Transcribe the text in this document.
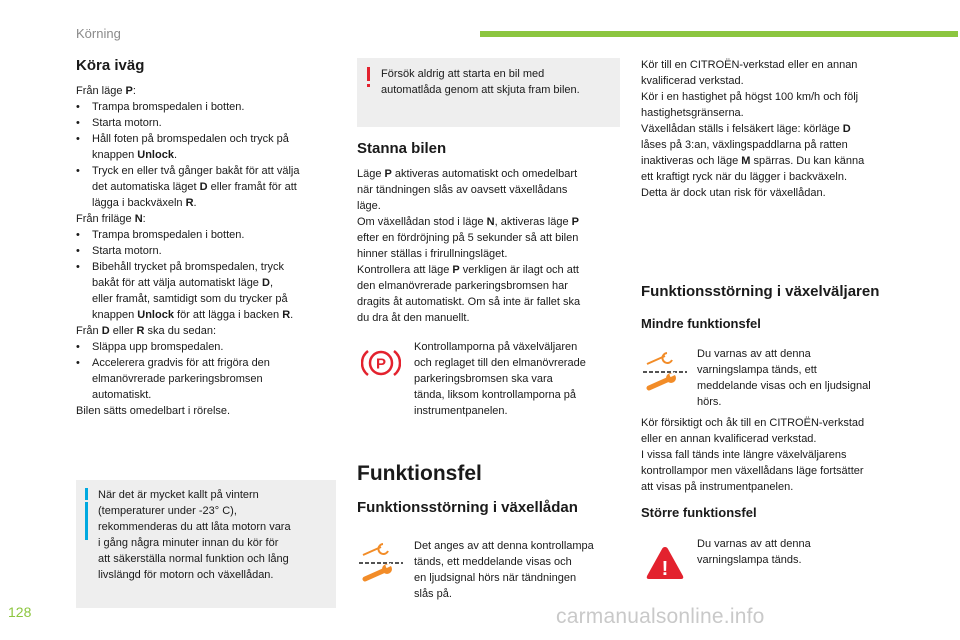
Körning
Köra iväg
Från läge P:
• Trampa bromspedalen i botten.
• Starta motorn.
• Håll foten på bromspedalen och tryck på
knappen Unlock.
• Tryck en eller två gånger bakåt för att välja
det automatiska läget D eller framåt för att
lägga i backväxeln R.
Från friläge N:
• Trampa bromspedalen i botten.
• Starta motorn.
• Bibehåll trycket på bromspedalen, tryck
bakåt för att välja automatiskt läge D,
eller framåt, samtidigt som du trycker på
knappen Unlock för att lägga i backen R.
Från D eller R ska du sedan:
• Släppa upp bromspedalen.
• Accelerera gradvis för att frigöra den
elmanövrerade parkeringsbromsen
automatiskt.
Bilen sätts omedelbart i rörelse.
När det är mycket kallt på vintern
(temperaturer under -23° C),
rekommenderas du att låta motorn vara
i gång några minuter innan du kör för
att säkerställa normal funktion och lång
livslängd för motorn och växellådan.
Försök aldrig att starta en bil med
automatlåda genom att skjuta fram bilen.
Stanna bilen
Läge P aktiveras automatiskt och omedelbart
när tändningen slås av oavsett växellådans
läge.
Om växellådan stod i läge N, aktiveras läge P
efter en fördröjning på 5 sekunder så att bilen
hinner ställas i frirullningsläget.
Kontrollera att läge P verkligen är ilagt och att
den elmanövrerade parkeringsbromsen har
dragits åt automatiskt. Om så inte är fallet ska
du dra åt den manuellt.
P
Kontrollamporna på växelväljaren
och reglaget till den elmanövrerade
parkeringsbromsen ska vara
tända, liksom kontrollamporna på
instrumentpanelen.
Funktionsfel
Funktionsstörning i växellådan
Det anges av att denna kontrollampa
tänds, ett meddelande visas och
en ljudsignal hörs när tändningen
slås på.
Kör till en CITROËN-verkstad eller en annan
kvalificerad verkstad.
Kör i en hastighet på högst 100 km/h och följ
hastighetsgränserna.
Växellådan ställs i felsäkert läge: körläge D
låses på 3:an, växlingspaddlarna på ratten
inaktiveras och läge M spärras. Du kan känna
ett kraftigt ryck när du lägger i backväxeln.
Detta är dock utan risk för växellådan.
Funktionsstörning i växelväljaren
Mindre funktionsfel
Du varnas av att denna
varningslampa tänds, ett
meddelande visas och en ljudsignal
hörs.
Kör försiktigt och åk till en CITROËN-verkstad
eller en annan kvalificerad verkstad.
I vissa fall tänds inte längre växelväljarens
kontrollampor men växellådans läge fortsätter
att visas på instrumentpanelen.
Större funktionsfel
!
Du varnas av att denna
varningslampa tänds.
128	carmanualsonline.info
